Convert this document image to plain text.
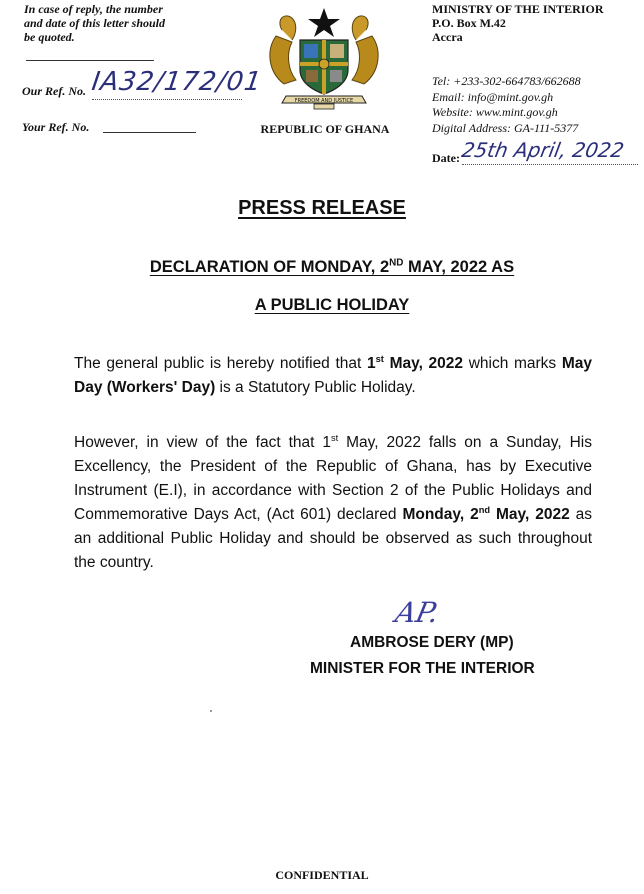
In case of reply, the number and date of this letter should be quoted.
Our Ref. No. IA32/172/01
Your Ref. No.
FREEDOM AND JUSTICE
REPUBLIC OF GHANA
MINISTRY OF THE INTERIOR
P.O. Box M.42
Accra
Tel: +233-302-664783/662688
Email: info@mint.gov.gh
Website: www.mint.gov.gh
Digital Address: GA-111-5377
Date: 25th April, 2022
PRESS RELEASE
DECLARATION OF MONDAY, 2ND MAY, 2022 AS
A PUBLIC HOLIDAY
The general public is hereby notified that 1st May, 2022 which marks May Day (Workers' Day) is a Statutory Public Holiday.
However, in view of the fact that 1st May, 2022 falls on a Sunday, His Excellency, the President of the Republic of Ghana, has by Executive Instrument (E.I), in accordance with Section 2 of the Public Holidays and Commemorative Days Act, (Act 601) declared Monday, 2nd May, 2022 as an additional Public Holiday and should be observed as such throughout the country.
AP.
AMBROSE DERY (MP)
MINISTER FOR THE INTERIOR
CONFIDENTIAL
